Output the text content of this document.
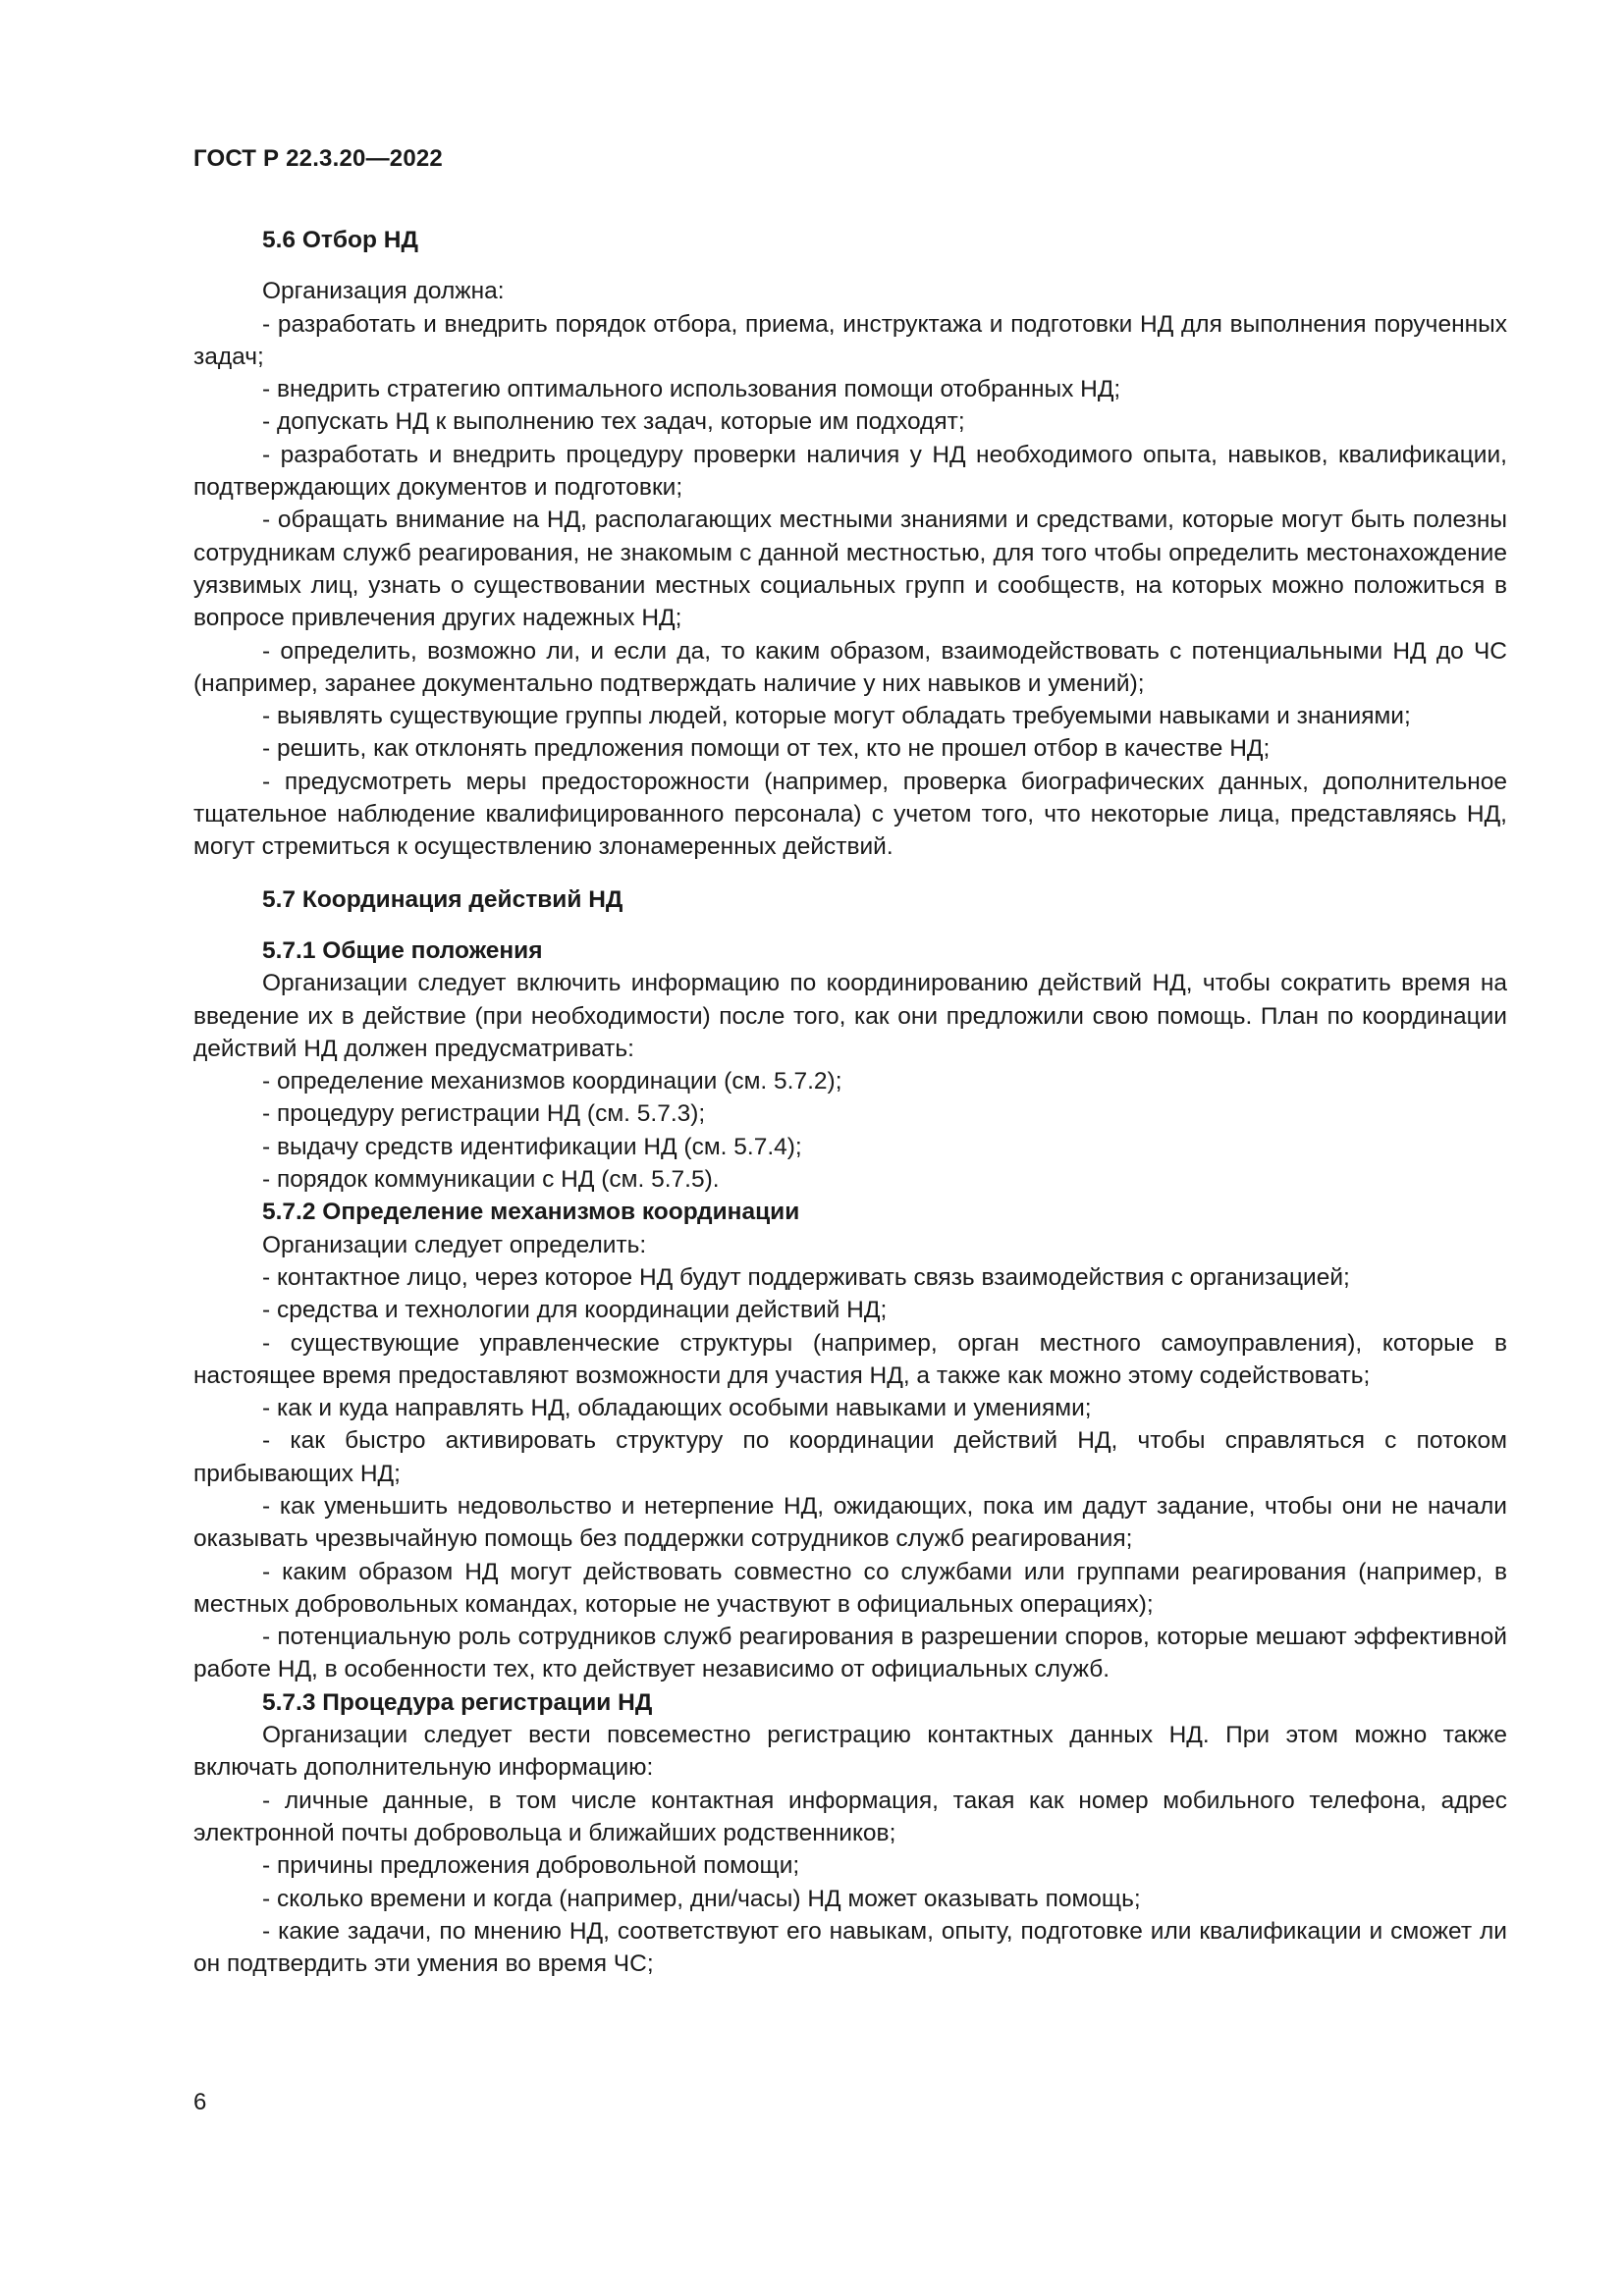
ГОСТ Р 22.3.20—2022

5.6 Отбор НД

Организация должна:

- разработать и внедрить порядок отбора, приема, инструктажа и подготовки НД для выполнения порученных задач;

- внедрить стратегию оптимального использования помощи отобранных НД;

- допускать НД к выполнению тех задач, которые им подходят;

- разработать и внедрить процедуру проверки наличия у НД необходимого опыта, навыков, квалификации, подтверждающих документов и подготовки;

- обращать внимание на НД, располагающих местными знаниями и средствами, которые могут быть полезны сотрудникам служб реагирования, не знакомым с данной местностью, для того чтобы определить местонахождение уязвимых лиц, узнать о существовании местных социальных групп и сообществ, на которых можно положиться в вопросе привлечения других надежных НД;

- определить, возможно ли, и если да, то каким образом, взаимодействовать с потенциальными НД до ЧС (например, заранее документально подтверждать наличие у них навыков и умений);

- выявлять существующие группы людей, которые могут обладать требуемыми навыками и знаниями;

- решить, как отклонять предложения помощи от тех, кто не прошел отбор в качестве НД;

- предусмотреть меры предосторожности (например, проверка биографических данных, дополнительное тщательное наблюдение квалифицированного персонала) с учетом того, что некоторые лица, представляясь НД, могут стремиться к осуществлению злонамеренных действий.

5.7 Координация действий НД

5.7.1 Общие положения

Организации следует включить информацию по координированию действий НД, чтобы сократить время на введение их в действие (при необходимости) после того, как они предложили свою помощь. План по координации действий НД должен предусматривать:

- определение механизмов координации (см. 5.7.2);

- процедуру регистрации НД (см. 5.7.3);

- выдачу средств идентификации НД (см. 5.7.4);

- порядок коммуникации с НД (см. 5.7.5).

5.7.2 Определение механизмов координации

Организации следует определить:

- контактное лицо, через которое НД будут поддерживать связь взаимодействия с организацией;

- средства и технологии для координации действий НД;

- существующие управленческие структуры (например, орган местного самоуправления), которые в настоящее время предоставляют возможности для участия НД, а также как можно этому содействовать;

- как и куда направлять НД, обладающих особыми навыками и умениями;

- как быстро активировать структуру по координации действий НД, чтобы справляться с потоком прибывающих НД;

- как уменьшить недовольство и нетерпение НД, ожидающих, пока им дадут задание, чтобы они не начали оказывать чрезвычайную помощь без поддержки сотрудников служб реагирования;

- каким образом НД могут действовать совместно со службами или группами реагирования (например, в местных добровольных командах, которые не участвуют в официальных операциях);

- потенциальную роль сотрудников служб реагирования в разрешении споров, которые мешают эффективной работе НД, в особенности тех, кто действует независимо от официальных служб.

5.7.3 Процедура регистрации НД

Организации следует вести повсеместно регистрацию контактных данных НД. При этом можно также включать дополнительную информацию:

- личные данные, в том числе контактная информация, такая как номер мобильного телефона, адрес электронной почты добровольца и ближайших родственников;

- причины предложения добровольной помощи;

- сколько времени и когда (например, дни/часы) НД может оказывать помощь;

- какие задачи, по мнению НД, соответствуют его навыкам, опыту, подготовке или квалификации и сможет ли он подтвердить эти умения во время ЧС;

6
